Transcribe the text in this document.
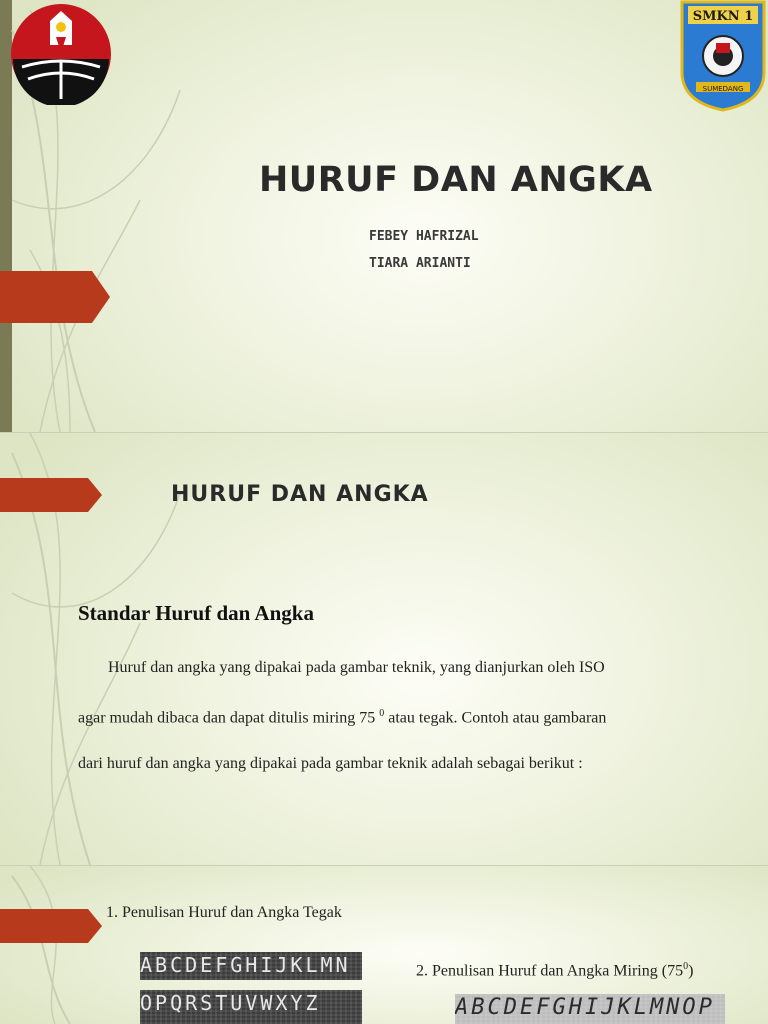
SMKN 1
SUMEDANG
HURUF DAN ANGKA
FEBEY HAFRIZAL
TIARA ARIANTI
HURUF DAN ANGKA
Standar Huruf dan Angka

Huruf dan angka yang dipakai pada gambar teknik, yang dianjurkan oleh ISO

agar mudah dibaca dan dapat ditulis miring 75 $^0$ atau tegak. Contoh atau gambaran

dari huruf dan angka yang dipakai pada gambar teknik adalah sebagai berikut :

1. Penulisan Huruf dan Angka Tegak
2. Penulisan Huruf dan Angka Miring $(75^0)$
ABCDEFGHIJKLMN
OPQRSTUVWXYZ	ABCDEFGHIJKLMNOP
